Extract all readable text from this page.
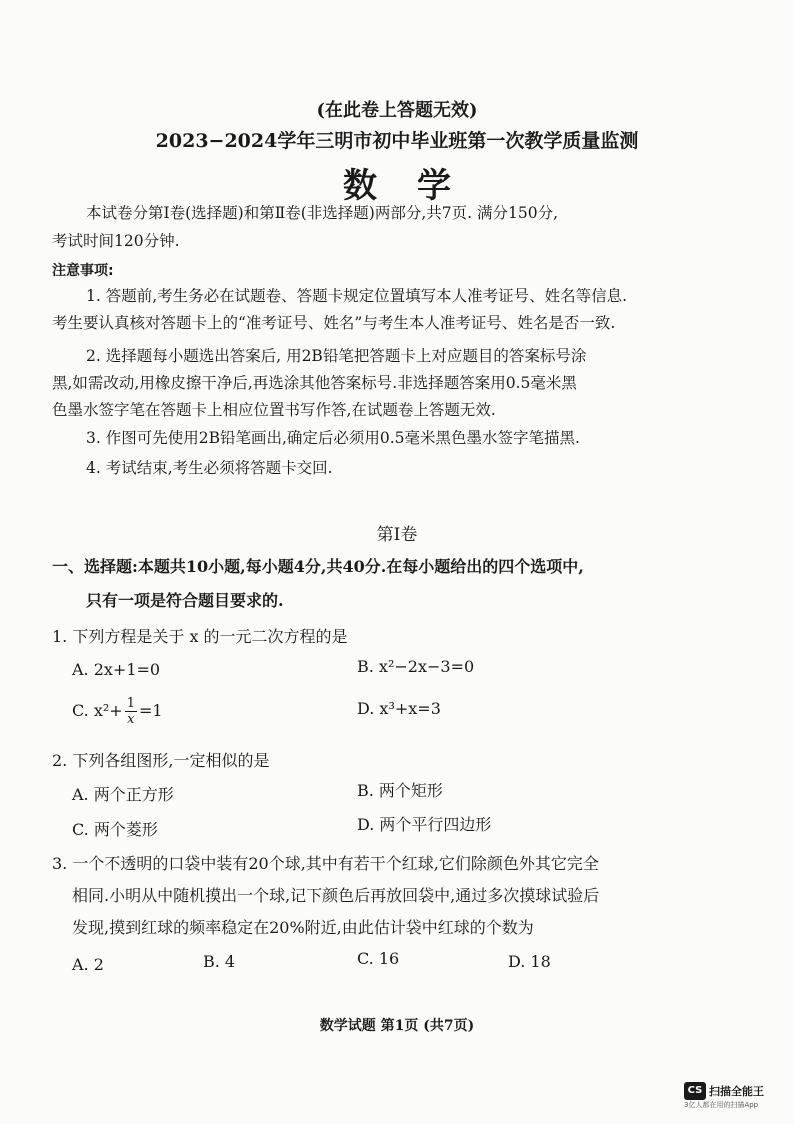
(在此卷上答题无效)
2023−2024学年三明市初中毕业班第一次教学质量监测
数学
本试卷分第Ⅰ卷(选择题)和第Ⅱ卷(非选择题)两部分,共7页. 满分150分,
考试时间120分钟.
注意事项:
1. 答题前,考生务必在试题卷、答题卡规定位置填写本人准考证号、姓名等信息.
考生要认真核对答题卡上的“准考证号、姓名”与考生本人准考证号、姓名是否一致.
2. 选择题每小题选出答案后, 用2B铅笔把答题卡上对应题目的答案标号涂
黑,如需改动,用橡皮擦干净后,再选涂其他答案标号.非选择题答案用0.5毫米黑
色墨水签字笔在答题卡上相应位置书写作答,在试题卷上答题无效.
3. 作图可先使用2B铅笔画出,确定后必须用0.5毫米黑色墨水签字笔描黑.
4. 考试结束,考生必须将答题卡交回.
第Ⅰ卷
一、选择题:本题共10小题,每小题4分,共40分.在每小题给出的四个选项中,
只有一项是符合题目要求的.
1. 下列方程是关于 x 的一元二次方程的是
A. 2x+1=0	B. x²−2x−3=0
C. $x^2+ \frac{1}{x} =1$	D. x³+x=3
2. 下列各组图形,一定相似的是
A. 两个正方形	B. 两个矩形
C. 两个菱形	D. 两个平行四边形
3. 一个不透明的口袋中装有20个球,其中有若干个红球,它们除颜色外其它完全
相同.小明从中随机摸出一个球,记下颜色后再放回袋中,通过多次摸球试验后
发现,摸到红球的频率稳定在20%附近,由此估计袋中红球的个数为
A. 2	B. 4	C. 16	D. 18
数学试题 第1页 (共7页)
CS 扫描全能王
3亿人都在用的扫描App
